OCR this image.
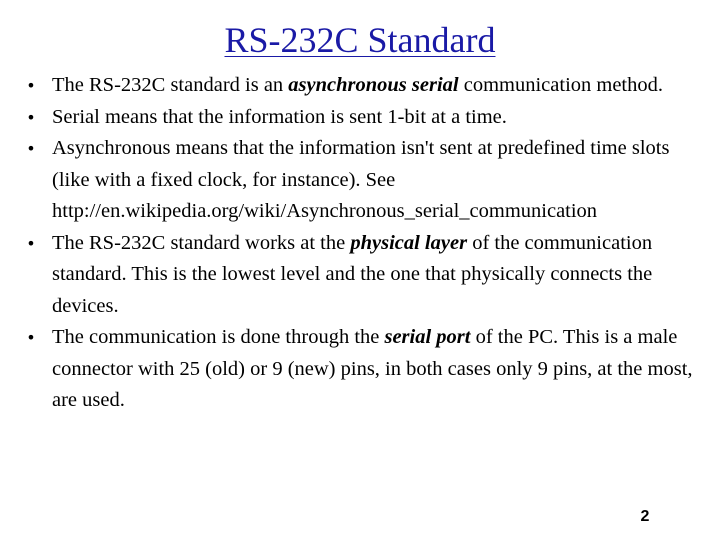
RS-232C Standard
• The RS-232C standard is an asynchronous serial communication method.
• Serial means that the information is sent 1-bit at a time.
• Asynchronous means that the information isn't sent at predefined time slots (like with a fixed clock, for instance). See http://en.wikipedia.org/wiki/Asynchronous_serial_communication
• The RS-232C standard works at the physical layer of the communication standard. This is the lowest level and the one that physically connects the devices.
• The communication is done through the serial port of the PC. This is a male connector with 25 (old) or 9 (new) pins, in both cases only 9 pins, at the most, are used.
2
